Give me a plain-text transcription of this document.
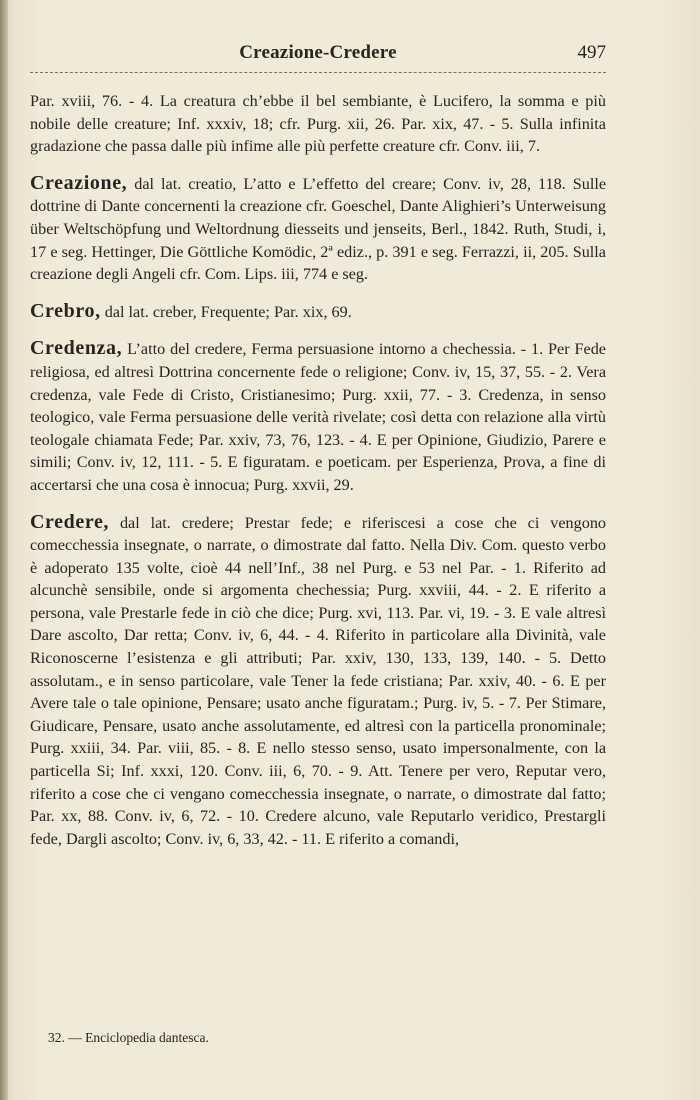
Creazione-Credere	497

Par. xviii, 76. - 4. La creatura ch’ebbe il bel sembiante, è Lucifero, la somma e più nobile delle creature; Inf. xxxiv, 18; cfr. Purg. xii, 26. Par. xix, 47. - 5. Sulla infinita gradazione che passa dalle più infime alle più perfette creature cfr. Conv. iii, 7.

Creazione, dal lat. creatio, L’atto e L’effetto del creare; Conv. iv, 28, 118. Sulle dottrine di Dante concernenti la creazione cfr. Goeschel, Dante Alighieri’s Unterweisung über Weltschöpfung und Weltordnung diesseits und jenseits, Berl., 1842. Ruth, Studi, i, 17 e seg. Hettinger, Die Göttliche Komödic, 2ª ediz., p. 391 e seg. Ferrazzi, ii, 205. Sulla creazione degli Angeli cfr. Com. Lips. iii, 774 e seg.

Crebro, dal lat. creber, Frequente; Par. xix, 69.

Credenza, L’atto del credere, Ferma persuasione intorno a chechessia. - 1. Per Fede religiosa, ed altresì Dottrina concernente fede o religione; Conv. iv, 15, 37, 55. - 2. Vera credenza, vale Fede di Cristo, Cristianesimo; Purg. xxii, 77. - 3. Credenza, in senso teologico, vale Ferma persuasione delle verità rivelate; così detta con relazione alla virtù teologale chiamata Fede; Par. xxiv, 73, 76, 123. - 4. E per Opinione, Giudizio, Parere e simili; Conv. iv, 12, 111. - 5. E figuratam. e poeticam. per Esperienza, Prova, a fine di accertarsi che una cosa è innocua; Purg. xxvii, 29.

Credere, dal lat. credere; Prestar fede; e riferiscesi a cose che ci vengono comecchessia insegnate, o narrate, o dimostrate dal fatto. Nella Div. Com. questo verbo è adoperato 135 volte, cioè 44 nell’Inf., 38 nel Purg. e 53 nel Par. - 1. Riferito ad alcunchè sensibile, onde si argomenta chechessia; Purg. xxviii, 44. - 2. E riferito a persona, vale Prestarle fede in ciò che dice; Purg. xvi, 113. Par. vi, 19. - 3. E vale altresì Dare ascolto, Dar retta; Conv. iv, 6, 44. - 4. Riferito in particolare alla Divinità, vale Riconoscerne l’esistenza e gli attributi; Par. xxiv, 130, 133, 139, 140. - 5. Detto assolutam., e in senso particolare, vale Tener la fede cristiana; Par. xxiv, 40. - 6. E per Avere tale o tale opinione, Pensare; usato anche figuratam.; Purg. iv, 5. - 7. Per Stimare, Giudicare, Pensare, usato anche assolutamente, ed altresì con la particella pronominale; Purg. xxiii, 34. Par. viii, 85. - 8. E nello stesso senso, usato impersonalmente, con la particella Si; Inf. xxxi, 120. Conv. iii, 6, 70. - 9. Att. Tenere per vero, Reputar vero, riferito a cose che ci vengano comecchessia insegnate, o narrate, o dimostrate dal fatto; Par. xx, 88. Conv. iv, 6, 72. - 10. Credere alcuno, vale Reputarlo veridico, Prestargli fede, Dargli ascolto; Conv. iv, 6, 33, 42. - 11. E riferito a comandi,

32. — Enciclopedia dantesca.
